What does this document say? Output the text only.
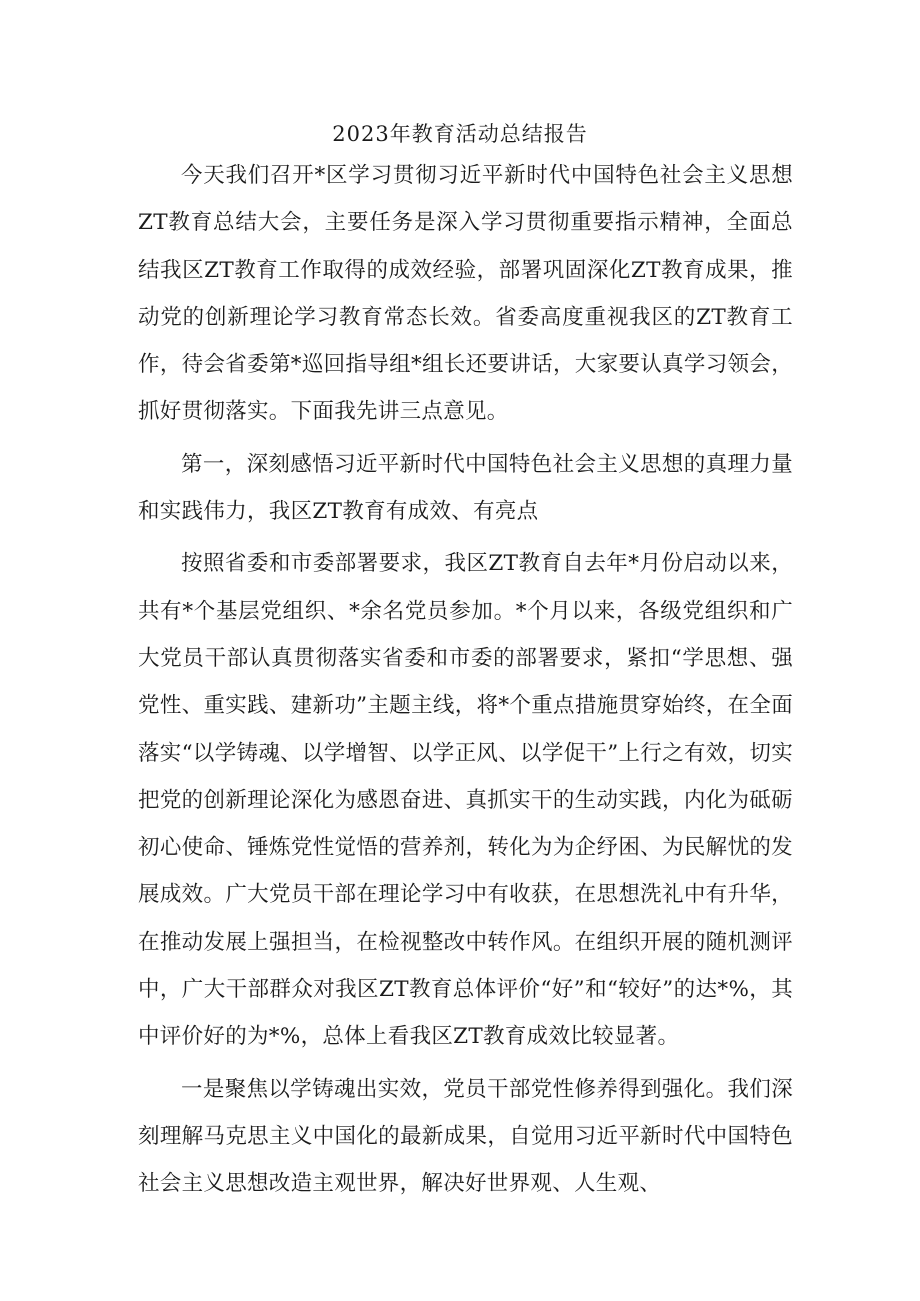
2023年教育活动总结报告

今天我们召开*区学习贯彻习近平新时代中国特色社会主义思想ZT教育总结大会，主要任务是深入学习贯彻重要指示精神，全面总结我区ZT教育工作取得的成效经验，部署巩固深化ZT教育成果，推动党的创新理论学习教育常态长效。省委高度重视我区的ZT教育工作，待会省委第*巡回指导组*组长还要讲话，大家要认真学习领会，抓好贯彻落实。下面我先讲三点意见。

第一，深刻感悟习近平新时代中国特色社会主义思想的真理力量和实践伟力，我区ZT教育有成效、有亮点

按照省委和市委部署要求，我区ZT教育自去年*月份启动以来，共有*个基层党组织、*余名党员参加。*个月以来，各级党组织和广大党员干部认真贯彻落实省委和市委的部署要求，紧扣“学思想、强党性、重实践、建新功”主题主线，将*个重点措施贯穿始终，在全面落实“以学铸魂、以学增智、以学正风、以学促干”上行之有效，切实把党的创新理论深化为感恩奋进、真抓实干的生动实践，内化为砥砺初心使命、锤炼党性觉悟的营养剂，转化为为企纾困、为民解忧的发展成效。广大党员干部在理论学习中有收获，在思想洗礼中有升华，在推动发展上强担当，在检视整改中转作风。在组织开展的随机测评中，广大干部群众对我区ZT教育总体评价“好”和“较好”的达*%，其中评价好的为*%，总体上看我区ZT教育成效比较显著。

一是聚焦以学铸魂出实效，党员干部党性修养得到强化。我们深刻理解马克思主义中国化的最新成果，自觉用习近平新时代中国特色社会主义思想改造主观世界，解决好世界观、人生观、
